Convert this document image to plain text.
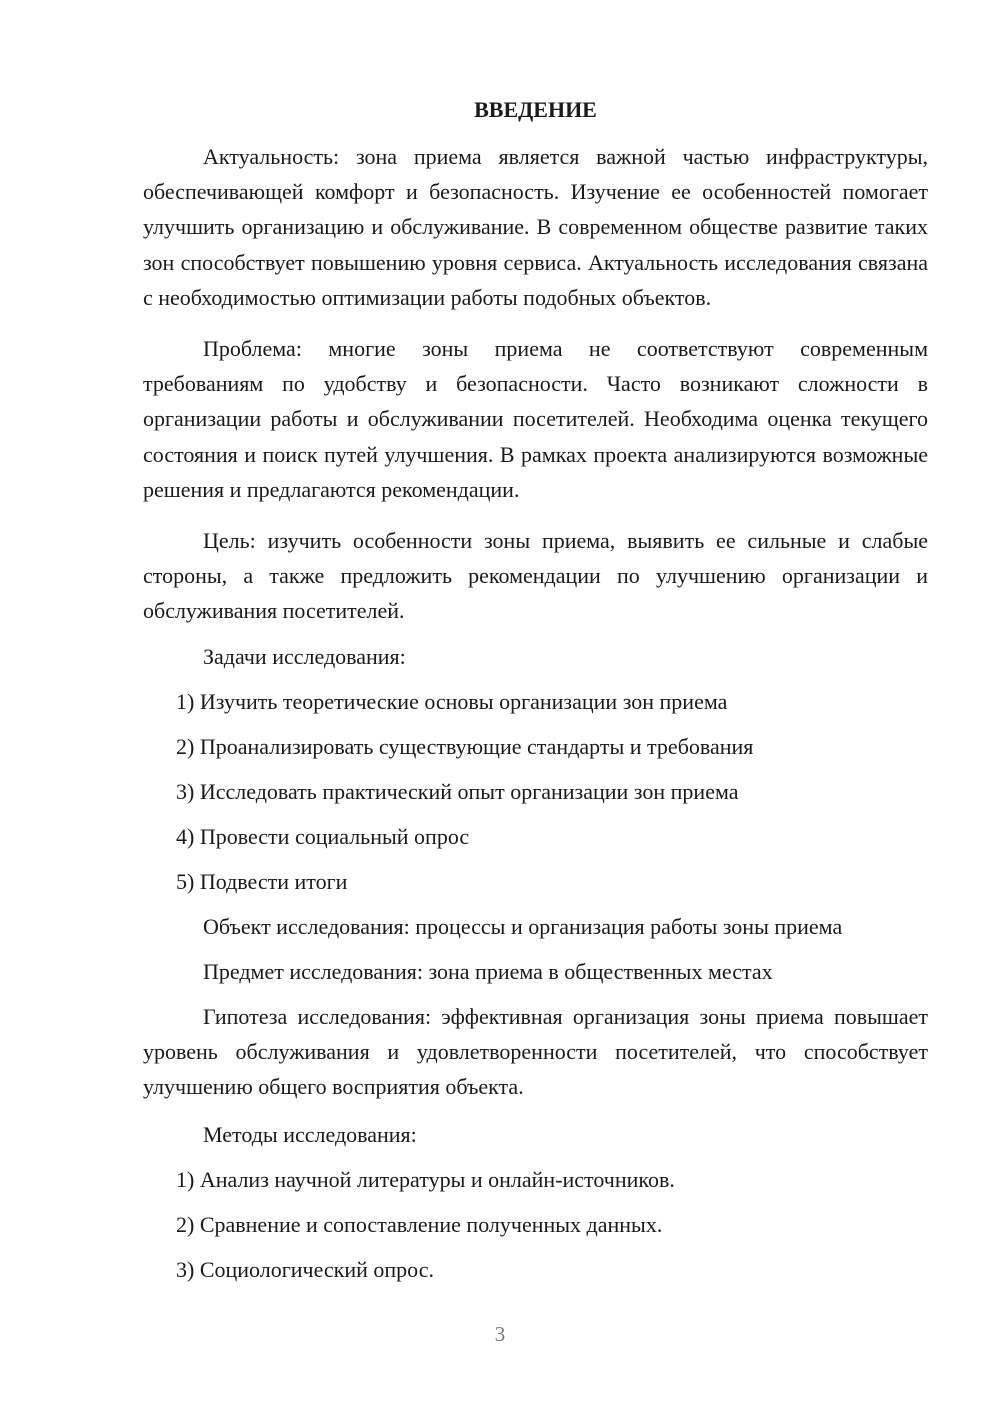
ВВЕДЕНИЕ

Актуальность: зона приема является важной частью инфраструктуры, обеспечивающей комфорт и безопасность. Изучение ее особенностей помогает улучшить организацию и обслуживание. В современном обществе развитие таких зон способствует повышению уровня сервиса. Актуальность исследования связана с необходимостью оптимизации работы подобных объектов.

Проблема: многие зоны приема не соответствуют современным требованиям по удобству и безопасности. Часто возникают сложности в организации работы и обслуживании посетителей. Необходима оценка текущего состояния и поиск путей улучшения. В рамках проекта анализируются возможные решения и предлагаются рекомендации.

Цель: изучить особенности зоны приема, выявить ее сильные и слабые стороны, а также предложить рекомендации по улучшению организации и обслуживания посетителей.

Задачи исследования:

1) Изучить теоретические основы организации зон приема

2) Проанализировать существующие стандарты и требования

3) Исследовать практический опыт организации зон приема

4) Провести социальный опрос

5) Подвести итоги

Объект исследования: процессы и организация работы зоны приема

Предмет исследования: зона приема в общественных местах

Гипотеза исследования: эффективная организация зоны приема повышает уровень обслуживания и удовлетворенности посетителей, что способствует улучшению общего восприятия объекта.

Методы исследования:

1) Анализ научной литературы и онлайн-источников.

2) Сравнение и сопоставление полученных данных.

3) Социологический опрос.

3
